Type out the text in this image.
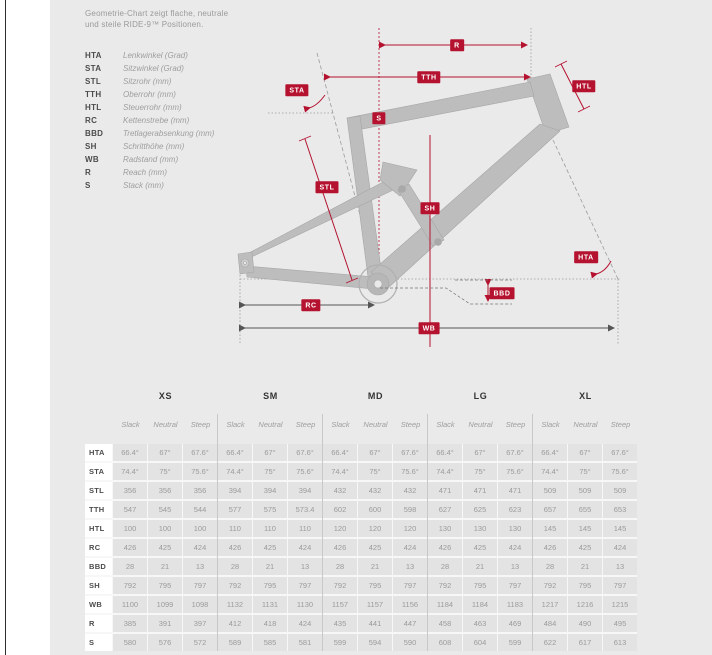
Geometrie-Chart zeigt flache, neutrale
und steile RIDE-9™ Positionen.
HTA	Lenkwinkel (Grad)
STA	Sitzwinkel (Grad)
STL	Sitzrohr (mm)
TTH	Oberrohr (mm)
HTL	Steuerrohr (mm)
RC	Kettenstrebe (mm)
BBD	Tretlagerabsenkung (mm)
SH	Schritthöhe (mm)
WB	Radstand (mm)
R	Reach (mm)
S	Stack (mm)
R
TTH
STA
S
HTL
STL
SH
HTA
BBD
RC
WB
XS	SM	MD	LG	XL
Slack	Neutral	Steep	Slack	Neutral	Steep	Slack	Neutral	Steep	Slack	Neutral	Steep	Slack	Neutral	Steep
HTA	66.4°	67°	67.6°	66.4°	67°	67.6°	66.4°	67°	67.6°	66.4°	67°	67.6°	66.4°	67°	67.6°
STA	74.4°	75°	75.6°	74.4°	75°	75.6°	74.4°	75°	75.6°	74.4°	75°	75.6°	74.4°	75°	75.6°
STL	356	356	356	394	394	394	432	432	432	471	471	471	509	509	509
TTH	547	545	544	577	575	573.4	602	600	598	627	625	623	657	655	653
HTL	100	100	100	110	110	110	120	120	120	130	130	130	145	145	145
RC	426	425	424	426	425	424	426	425	424	426	425	424	426	425	424
BBD	28	21	13	28	21	13	28	21	13	28	21	13	28	21	13
SH	792	795	797	792	795	797	792	795	797	792	795	797	792	795	797
WB	1100	1099	1098	1132	1131	1130	1157	1157	1156	1184	1184	1183	1217	1216	1215
R	385	391	397	412	418	424	435	441	447	458	463	469	484	490	495
S	580	576	572	589	585	581	599	594	590	608	604	599	622	617	613
